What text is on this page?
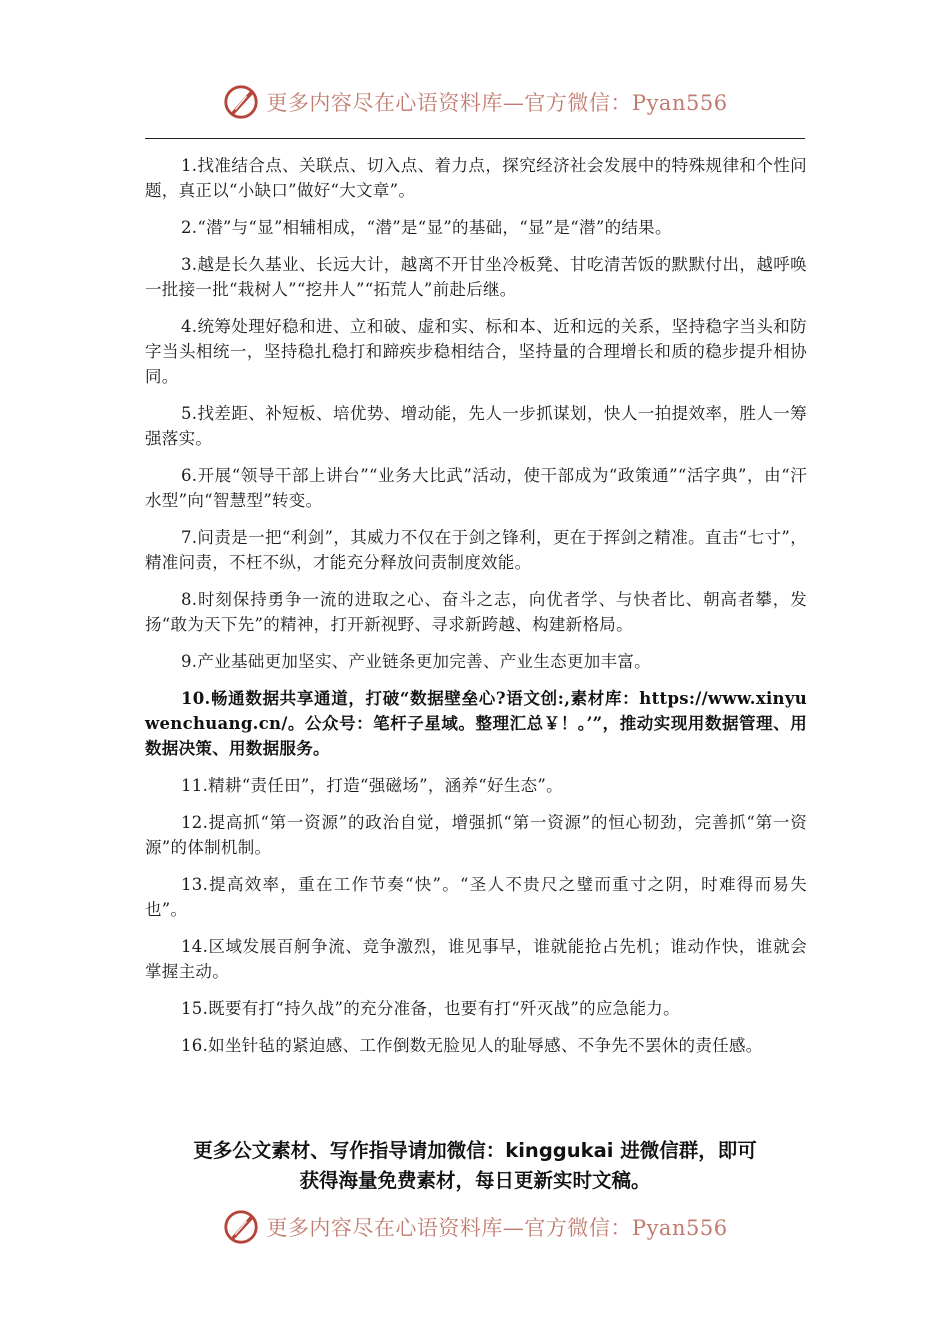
更多内容尽在心语资料库—官方微信：Pyan556

1.找准结合点、关联点、切入点、着力点，探究经济社会发展中的特殊规律和个性问题，真正以“小缺口”做好“大文章”。

2.“潜”与“显”相辅相成，“潜”是“显”的基础，“显”是“潜”的结果。

3.越是长久基业、长远大计，越离不开甘坐冷板凳、甘吃清苦饭的默默付出，越呼唤一批接一批“栽树人”“挖井人”“拓荒人”前赴后继。

4.统筹处理好稳和进、立和破、虚和实、标和本、近和远的关系，坚持稳字当头和防字当头相统一，坚持稳扎稳打和蹄疾步稳相结合，坚持量的合理增长和质的稳步提升相协同。

5.找差距、补短板、培优势、增动能，先人一步抓谋划，快人一拍提效率，胜人一筹强落实。

6.开展“领导干部上讲台”“业务大比武”活动，使干部成为“政策通”“活字典”，由“汗水型”向“智慧型”转变。

7.问责是一把“利剑”，其威力不仅在于剑之锋利，更在于挥剑之精准。直击“七寸”，精准问责，不枉不纵，才能充分释放问责制度效能。

8.时刻保持勇争一流的进取之心、奋斗之志，向优者学、与快者比、朝高者攀，发扬“敢为天下先”的精神，打开新视野、寻求新跨越、构建新格局。

9.产业基础更加坚实、产业链条更加完善、产业生态更加丰富。

10.畅通数据共享通道，打破“数据壁垒心?语文创:,素材库：https://www.xinyuwenchuang.cn/。公众号：笔杆子星域。整理汇总￥！。’”，推动实现用数据管理、用数据决策、用数据服务。

11.精耕“责任田”，打造“强磁场”，涵养“好生态”。

12.提高抓“第一资源”的政治自觉，增强抓“第一资源”的恒心韧劲，完善抓“第一资源”的体制机制。

13.提高效率，重在工作节奏“快”。“圣人不贵尺之璧而重寸之阴，时难得而易失也”。

14.区域发展百舸争流、竞争激烈，谁见事早，谁就能抢占先机；谁动作快，谁就会掌握主动。

15.既要有打“持久战”的充分准备，也要有打“歼灭战”的应急能力。

16.如坐针毡的紧迫感、工作倒数无脸见人的耻辱感、不争先不罢休的责任感。

更多公文素材、写作指导请加微信：kinggukai 进微信群，即可
获得海量免费素材，每日更新实时文稿。
更多内容尽在心语资料库—官方微信：Pyan556
